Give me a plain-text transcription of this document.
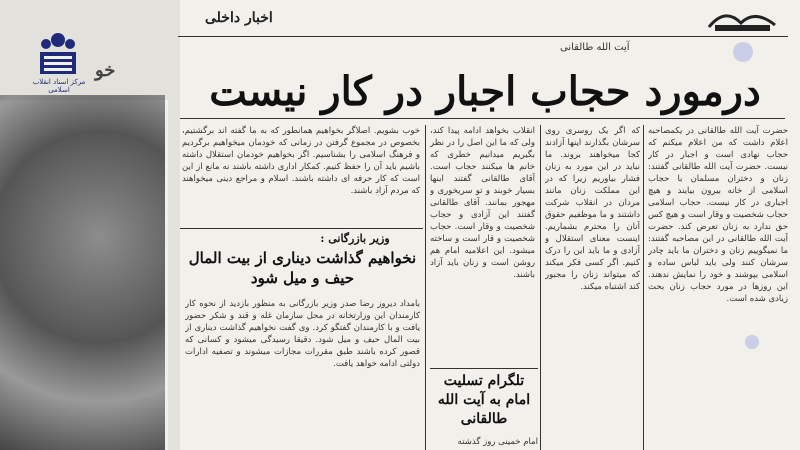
خو
مرکز اسناد انقلاب اسلامی
اخبار داخلی
آیت الله طالقانی
درمورد حجاب اجبار در کار نیست
حضرت آیت الله طالقانی در یکمصاحبه اعلام داشت که من اعلام میکنم که حجاب نهادی است و اجبار در کار نیست. حضرت آیت الله طالقانی گفتند: زنان و دختران مسلمان با حجاب اسلامی از خانه بیرون بیایند و هیچ اجباری در کار نیست. حجاب اسلامی حجاب شخصیت و وقار است و هیچ کس حق ندارد به زنان تعرض کند. حضرت آیت الله طالقانی در این مصاحبه گفتند: ما نمیگوییم زنان و دختران ما باید چادر سرشان کنند ولی باید لباس ساده و اسلامی بپوشند و خود را نمایش ندهند. این روزها در مورد حجاب زنان بحث زیادی شده است.
که اگر یک روسری روی سرشان بگذارند اینها آزادند کجا میخواهند بروند. ما نباید در این مورد به زنان فشار بیاوریم زیرا که در این مملکت زنان مانند مردان در انقلاب شرکت داشتند و ما موظفیم حقوق آنان را محترم بشماریم. اینست معنای استقلال و آزادی و ما باید این را درک کنیم. اگر کسی فکر میکند که میتواند زنان را مجبور کند اشتباه میکند.
انقلاب بخواهد ادامه پیدا کند، ولی که ما این اصل را در نظر بگیریم میدانیم خطری که خانم ها میکنند حجاب است. آقای طالقانی گفتند اینها بسیار خوبند و تو سریخوری و مهجور بمانند. آقای طالقانی گفتند این آزادی و حجاب شخصیت و وقار است. حجاب شخصیت و قار است و ساخته میشود. این اعلامیه امام هم روشن است و زنان باید آزاد باشند.
خوب بشویم. اصلاگر بخواهیم همانطور که به ما گفته اند برگشتیم، بخصوص در مجموع گرفتن در زمانی که خودمان میخواهیم برگردیم و فرهنگ اسلامی را بشناسیم. اگر بخواهیم خودمان استقلال داشته باشیم باید آن را حفظ کنیم. کمکار اداری داشته باشند نه مانع از این است که کار حرفه ای داشته باشند. اسلام و مراجع دینی میخواهند که مردم آزاد باشند.
وزیر بازرگانی :
نخواهیم گذاشت دیناری از بیت المال حیف و میل شود
بامداد دیروز رضا صدر وزیر بازرگانی به منظور بازدید از نحوه کار کارمندان این وزارتخانه در محل سازمان غله و قند و شکر حضور یافت و با کارمندان گفتگو کرد. وی گفت نخواهیم گذاشت دیناری از بیت المال حیف و میل شود. دقیقا رسیدگی میشود و کسانی که قصور کرده باشند طبق مقررات مجازات میشوند و تصفیه ادارات دولتی ادامه خواهد یافت.
تلگرام تسلیت امام به آیت الله طالقانی
امام خمینی روز گذشته
